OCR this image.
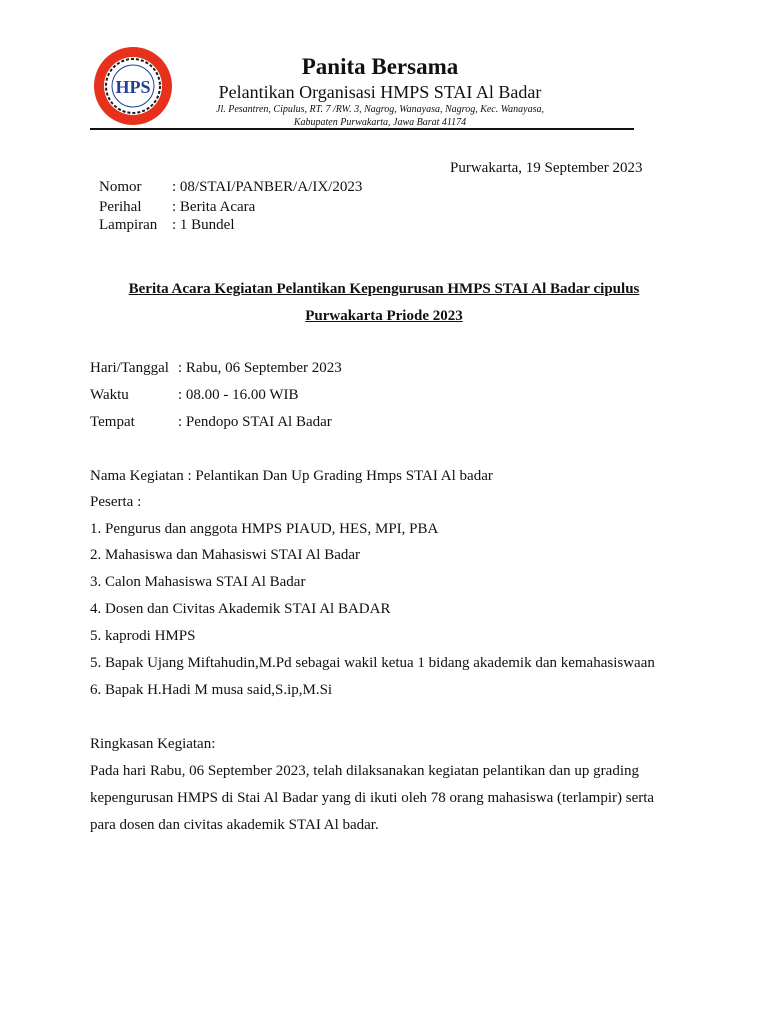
HPS
Panita Bersama
Pelantikan Organisasi HMPS STAI Al Badar
Jl. Pesantren, Cipulus, RT. 7 /RW. 3, Nagrog, Wanayasa, Nagrog, Kec. Wanayasa,
Kabupaten Purwakarta, Jawa Barat 41174
Purwakarta, 19 September 2023
Nomor : 08/STAI/PANBER/A/IX/2023
Perihal : Berita Acara
Lampiran : 1 Bundel
Berita Acara Kegiatan Pelantikan Kepengurusan HMPS STAI Al Badar cipulus
Purwakarta Priode 2023
Hari/Tanggal : Rabu, 06 September 2023
Waktu	: 08.00 - 16.00 WIB
Tempat	: Pendopo STAI Al Badar
Nama Kegiatan : Pelantikan Dan Up Grading Hmps STAI Al badar
Peserta :
1. Pengurus dan anggota HMPS PIAUD, HES, MPI, PBA
2. Mahasiswa dan Mahasiswi STAI Al Badar
3. Calon Mahasiswa STAI Al Badar
4. Dosen dan Civitas Akademik STAI Al BADAR
5. kaprodi HMPS
5. Bapak Ujang Miftahudin,M.Pd sebagai wakil ketua 1 bidang akademik dan kemahasiswaan
6. Bapak H.Hadi M musa said,S.ip,M.Si
Ringkasan Kegiatan:
Pada hari Rabu, 06 September 2023, telah dilaksanakan kegiatan pelantikan dan up grading
kepengurusan HMPS di Stai Al Badar yang di ikuti oleh 78 orang mahasiswa (terlampir) serta
para dosen dan civitas akademik STAI Al badar.
